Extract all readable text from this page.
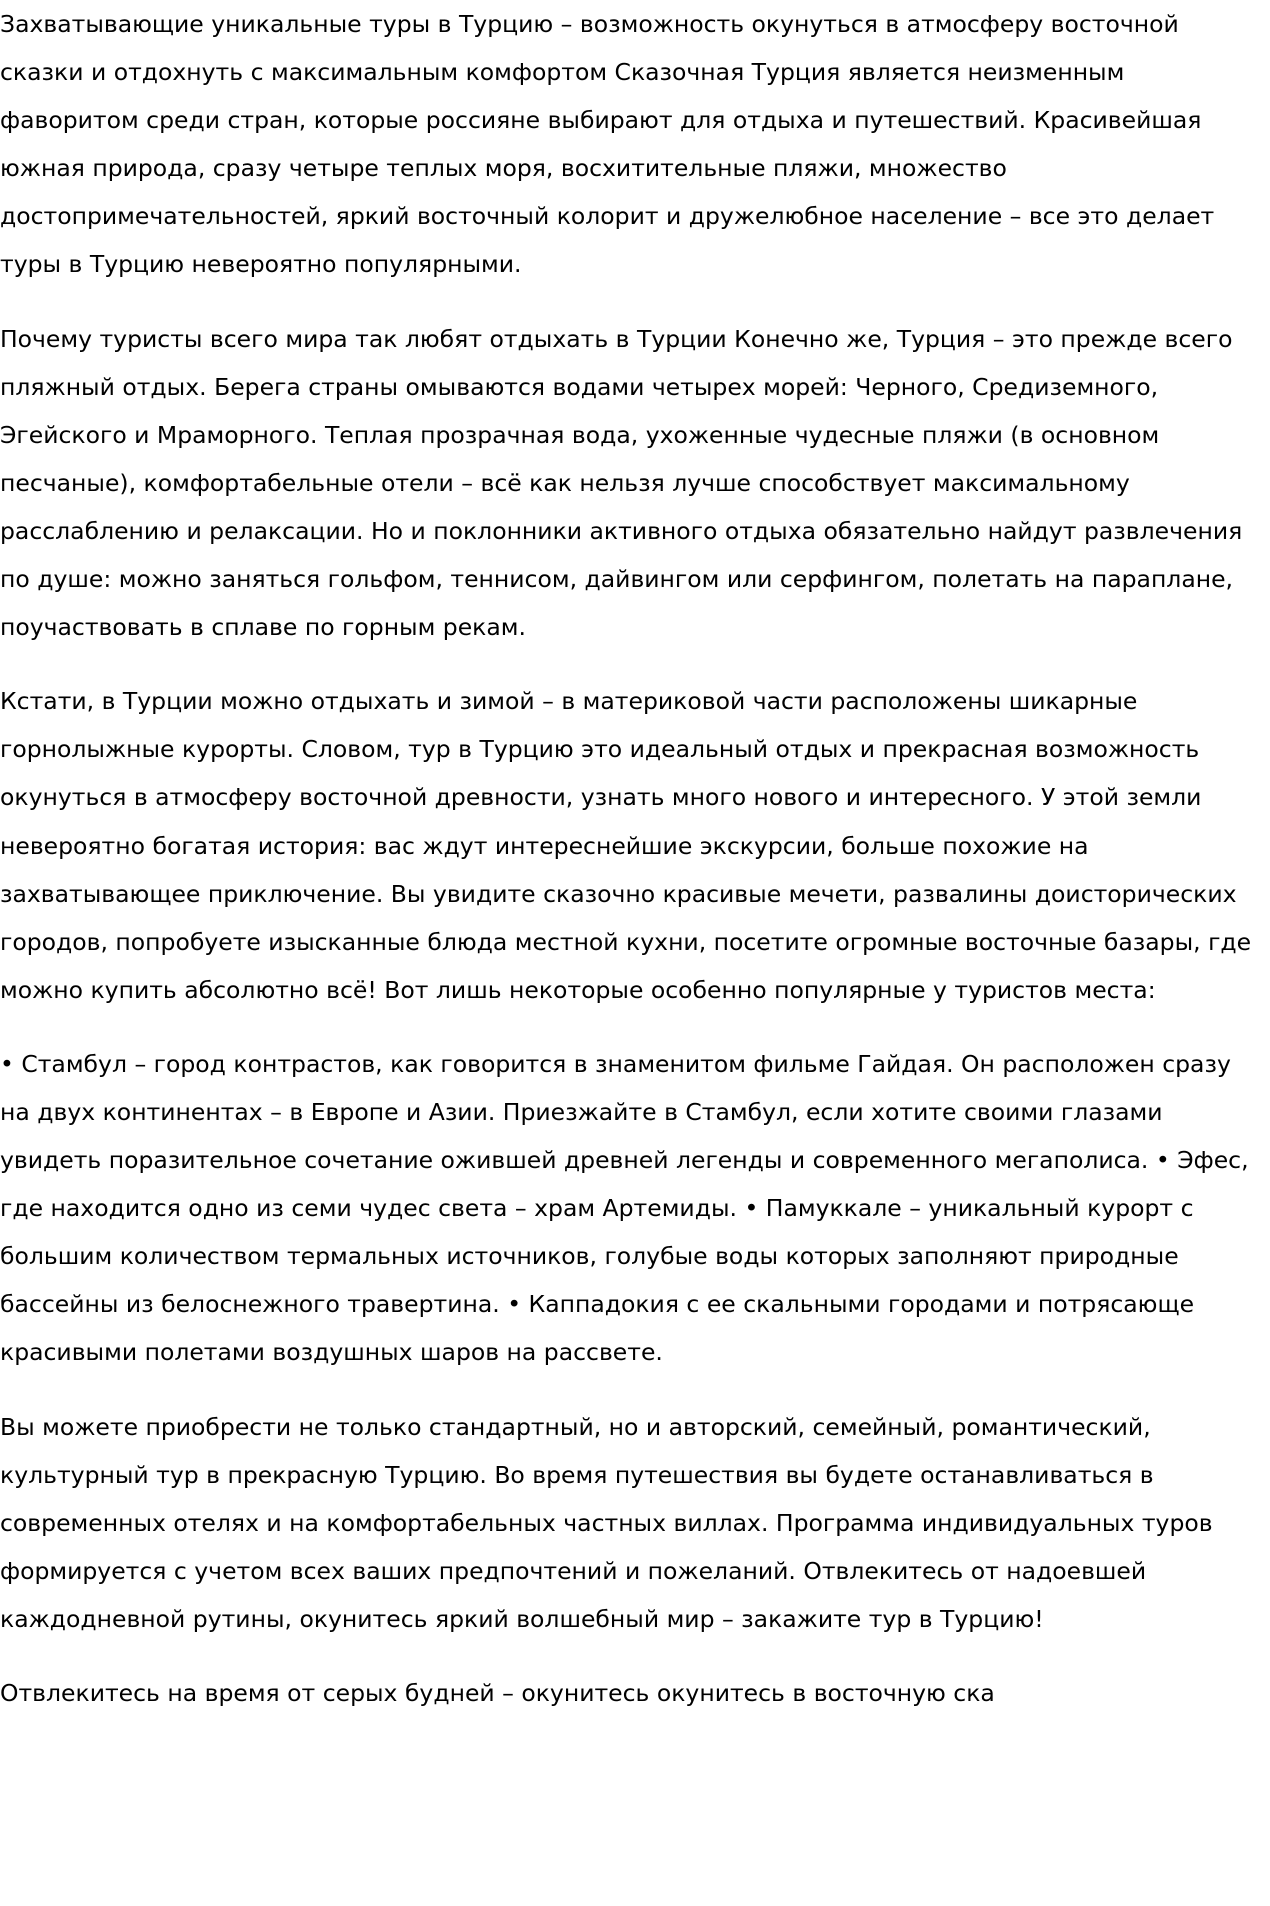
Захватывающие уникальные туры в Турцию – возможность окунуться в атмосферу восточной сказки и отдохнуть с максимальным комфортом Сказочная Турция является неизменным фаворитом среди стран, которые россияне выбирают для отдыха и путешествий. Красивейшая южная природа, сразу четыре теплых моря, восхитительные пляжи, множество достопримечательностей, яркий восточный колорит и дружелюбное население – все это делает туры в Турцию невероятно популярными.

Почему туристы всего мира так любят отдыхать в Турции Конечно же, Турция – это прежде всего пляжный отдых. Берега страны омываются водами четырех морей: Черного, Средиземного, Эгейского и Мраморного. Теплая прозрачная вода, ухоженные чудесные пляжи (в основном песчаные), комфортабельные отели – всё как нельзя лучше способствует максимальному расслаблению и релаксации. Но и поклонники активного отдыха обязательно найдут развлечения по душе: можно заняться гольфом, теннисом, дайвингом или серфингом, полетать на параплане, поучаствовать в сплаве по горным рекам.

Кстати, в Турции можно отдыхать и зимой – в материковой части расположены шикарные горнолыжные курорты. Словом, тур в Турцию это идеальный отдых и прекрасная возможность окунуться в атмосферу восточной древности, узнать много нового и интересного. У этой земли невероятно богатая история: вас ждут интереснейшие экскурсии, больше похожие на захватывающее приключение. Вы увидите сказочно красивые мечети, развалины доисторических городов, попробуете изысканные блюда местной кухни, посетите огромные восточные базары, где можно купить абсолютно всё! Вот лишь некоторые особенно популярные у туристов места:

• Стамбул – город контрастов, как говорится в знаменитом фильме Гайдая. Он расположен сразу на двух континентах – в Европе и Азии. Приезжайте в Стамбул, если хотите своими глазами увидеть поразительное сочетание ожившей древней легенды и современного мегаполиса. • Эфес, где находится одно из семи чудес света – храм Артемиды. • Памуккале – уникальный курорт с большим количеством термальных источников, голубые воды которых заполняют природные бассейны из белоснежного травертина. • Каппадокия с ее скальными городами и потрясающе красивыми полетами воздушных шаров на рассвете.

Вы можете приобрести не только стандартный, но и авторский, семейный, романтический, культурный тур в прекрасную Турцию. Во время путешествия вы будете останавливаться в современных отелях и на комфортабельных частных виллах. Программа индивидуальных туров формируется с учетом всех ваших предпочтений и пожеланий. Отвлекитесь от надоевшей каждодневной рутины, окунитесь яркий волшебный мир – закажите тур в Турцию!

Отвлекитесь на время от серых будней – окунитесь окунитесь в восточную ска
